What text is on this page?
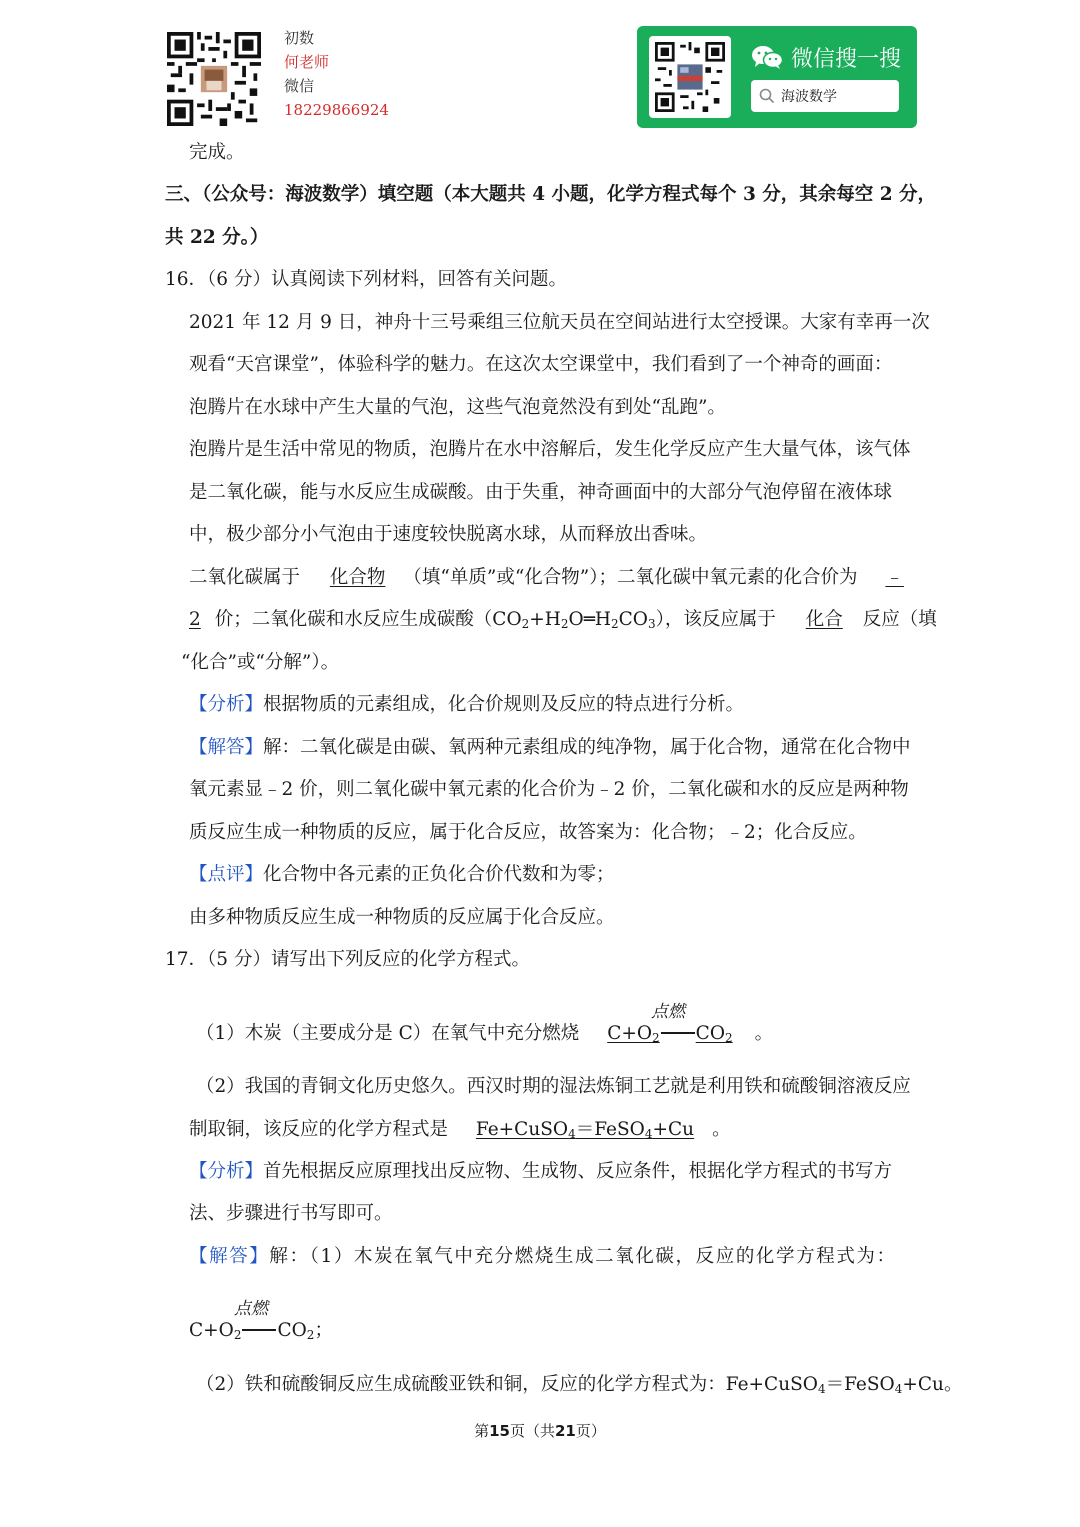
初数
何老师
微信
18229866924
微信搜一搜
海波数学
完成。
三、（公众号：海波数学）填空题（本大题共 4 小题，化学方程式每个 3 分，其余每空 2 分，
共 22 分。）
16．（6 分）认真阅读下列材料，回答有关问题。
2021 年 12 月 9 日，神舟十三号乘组三位航天员在空间站进行太空授课。大家有幸再一次
观看“天宫课堂”，体验科学的魅力。在这次太空课堂中，我们看到了一个神奇的画面：
泡腾片在水球中产生大量的气泡，这些气泡竟然没有到处“乱跑”。
泡腾片是生活中常见的物质，泡腾片在水中溶解后，发生化学反应产生大量气体，该气体
是二氧化碳，能与水反应生成碳酸。由于失重，神奇画面中的大部分气泡停留在液体球
中，极少部分小气泡由于速度较快脱离水球，从而释放出香味。
二氧化碳属于 化合物 （填“单质”或“化合物”）；二氧化碳中氧元素的化合价为 ﹣
2 价；二氧化碳和水反应生成碳酸$(CO_2+H_2O═H_2CO_3)$，该反应属于 化合 反应（填
“化合”或“分解”）。
【分析】根据物质的元素组成，化合价规则及反应的特点进行分析。
【解答】解：二氧化碳是由碳、氧两种元素组成的纯净物，属于化合物，通常在化合物中
氧元素显﹣2 价，则二氧化碳中氧元素的化合价为﹣2 价，二氧化碳和水的反应是两种物
质反应生成一种物质的反应，属于化合反应，故答案为：化合物；﹣2；化合反应。
【点评】化合物中各元素的正负化合价代数和为零；
由多种物质反应生成一种物质的反应属于化合反应。
17．（5 分）请写出下列反应的化学方程式。
点燃
（1）木炭（主要成分是 C）在氧气中充分燃烧 $C+O_2$ $CO_2$ 。
（2）我国的青铜文化历史悠久。西汉时期的湿法炼铜工艺就是利用铁和硫酸铜溶液反应
制取铜，该反应的化学方程式是 Fe+CuSO$_4$＝FeSO$_4$+Cu 。
【分析】首先根据反应原理找出反应物、生成物、反应条件，根据化学方程式的书写方
法、步骤进行书写即可。
【解答】解：（1）木炭在氧气中充分燃烧生成二氧化碳，反应的化学方程式为：
点燃
$C+O_2$ $CO_2$；
（2）铁和硫酸铜反应生成硫酸亚铁和铜，反应的化学方程式为：Fe+CuSO$_4$＝FeSO$_4$+Cu。
第15页（共21页）
